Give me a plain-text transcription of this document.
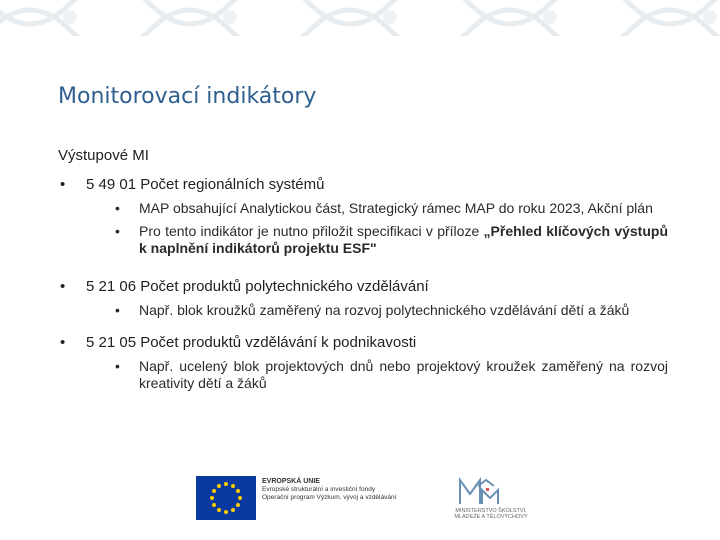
Monitorovací indikátory

Výstupové MI

• 5 49 01 Počet regionálních systémů

• MAP obsahující Analytickou část, Strategický rámec MAP do roku 2023, Akční plán

• Pro tento indikátor je nutno přiložit specifikaci v příloze „Přehled klíčových výstupů k naplnění indikátorů projektu ESF"

• 5 21 06 Počet produktů polytechnického vzdělávání

• Např. blok kroužků zaměřený na rozvoj polytechnického vzdělávání dětí a žáků

• 5 21 05 Počet produktů vzdělávání k podnikavosti

• Např. ucelený blok projektových dnů nebo projektový kroužek zaměřený na rozvoj kreativity dětí a žáků

EVROPSKÁ UNIE
Evropské strukturální a investiční fondy
Operační program Výzkum, vývoj a vzdělávání
MINISTERSTVO ŠKOLSTVÍ, MLÁDEŽE A TĚLOVÝCHOVY
